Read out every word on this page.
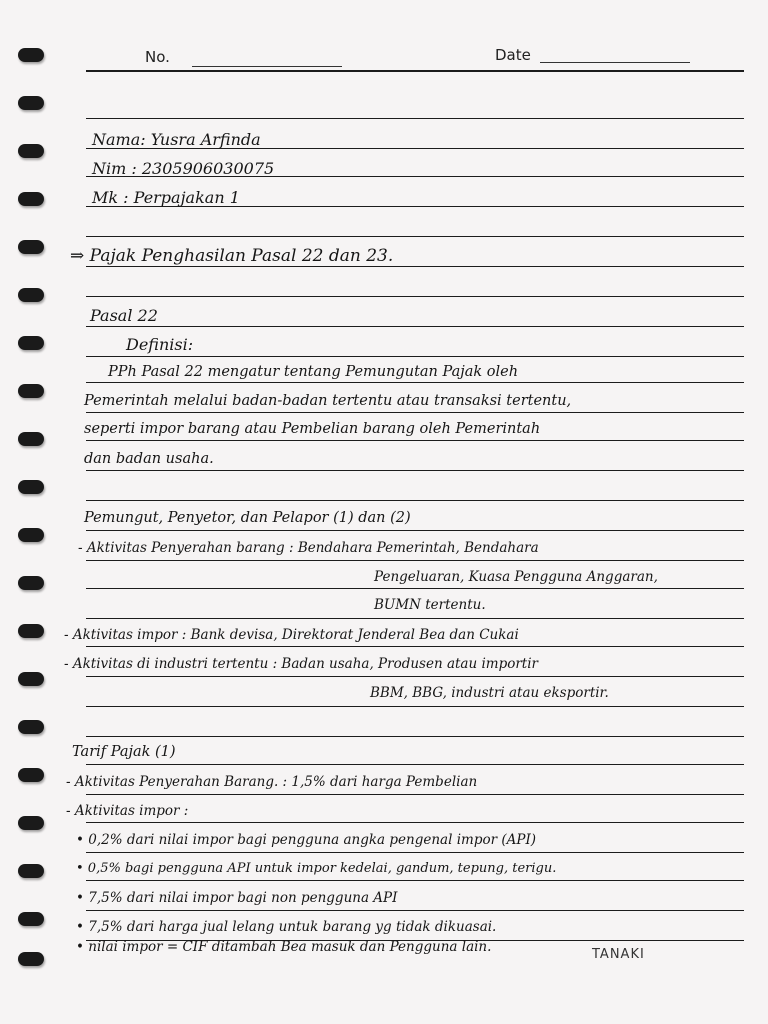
No.	Date
Nama: Yusra Arfinda
Nim : 2305906030075
Mk : Perpajakan 1
⇒ Pajak Penghasilan Pasal 22 dan 23.
Pasal 22
Definisi:
PPh Pasal 22 mengatur tentang Pemungutan Pajak oleh
Pemerintah melalui badan-badan tertentu atau transaksi tertentu,
seperti impor barang atau Pembelian barang oleh Pemerintah
dan badan usaha.
Pemungut, Penyetor, dan Pelapor (1) dan (2)
- Aktivitas Penyerahan barang : Bendahara Pemerintah, Bendahara
Pengeluaran, Kuasa Pengguna Anggaran,
BUMN tertentu.
- Aktivitas impor : Bank devisa, Direktorat Jenderal Bea dan Cukai
- Aktivitas di industri tertentu : Badan usaha, Produsen atau importir
BBM, BBG, industri atau eksportir.
Tarif Pajak (1)
- Aktivitas Penyerahan Barang. : 1,5% dari harga Pembelian
- Aktivitas impor :
• 0,2% dari nilai impor bagi pengguna angka pengenal impor (API)
• 0,5% bagi pengguna API untuk impor kedelai, gandum, tepung, terigu.
• 7,5% dari nilai impor bagi non pengguna API
• 7,5% dari harga jual lelang untuk barang yg tidak dikuasai.
• nilai impor = CIF ditambah Bea masuk dan Pengguna lain.	TANAKI
